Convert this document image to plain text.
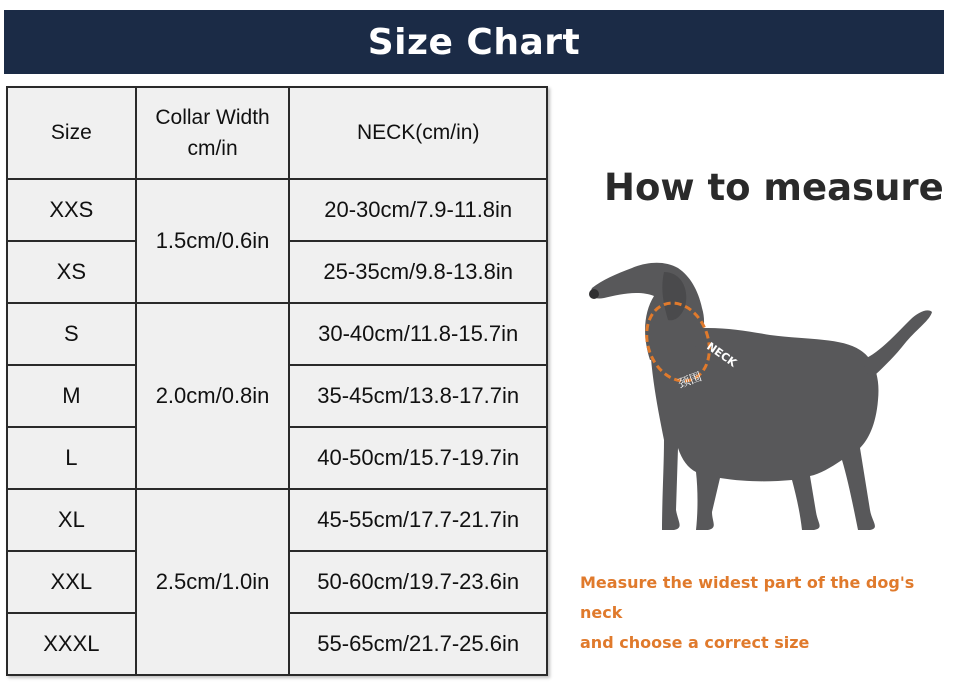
Size Chart
Size	Collar Width cm/in	NECK(cm/in)
XXS	1.5cm/0.6in	20-30cm/7.9-11.8in
XS		25-35cm/9.8-13.8in
S	2.0cm/0.8in	30-40cm/11.8-15.7in
M		35-45cm/13.8-17.7in
L		40-50cm/15.7-19.7in
XL	2.5cm/1.0in	45-55cm/17.7-21.7in
XXL		50-60cm/19.7-23.6in
XXXL		55-65cm/21.7-25.6in
How to measure
NECK
颈围
Measure the widest part of the dog's neck
and choose a correct size
